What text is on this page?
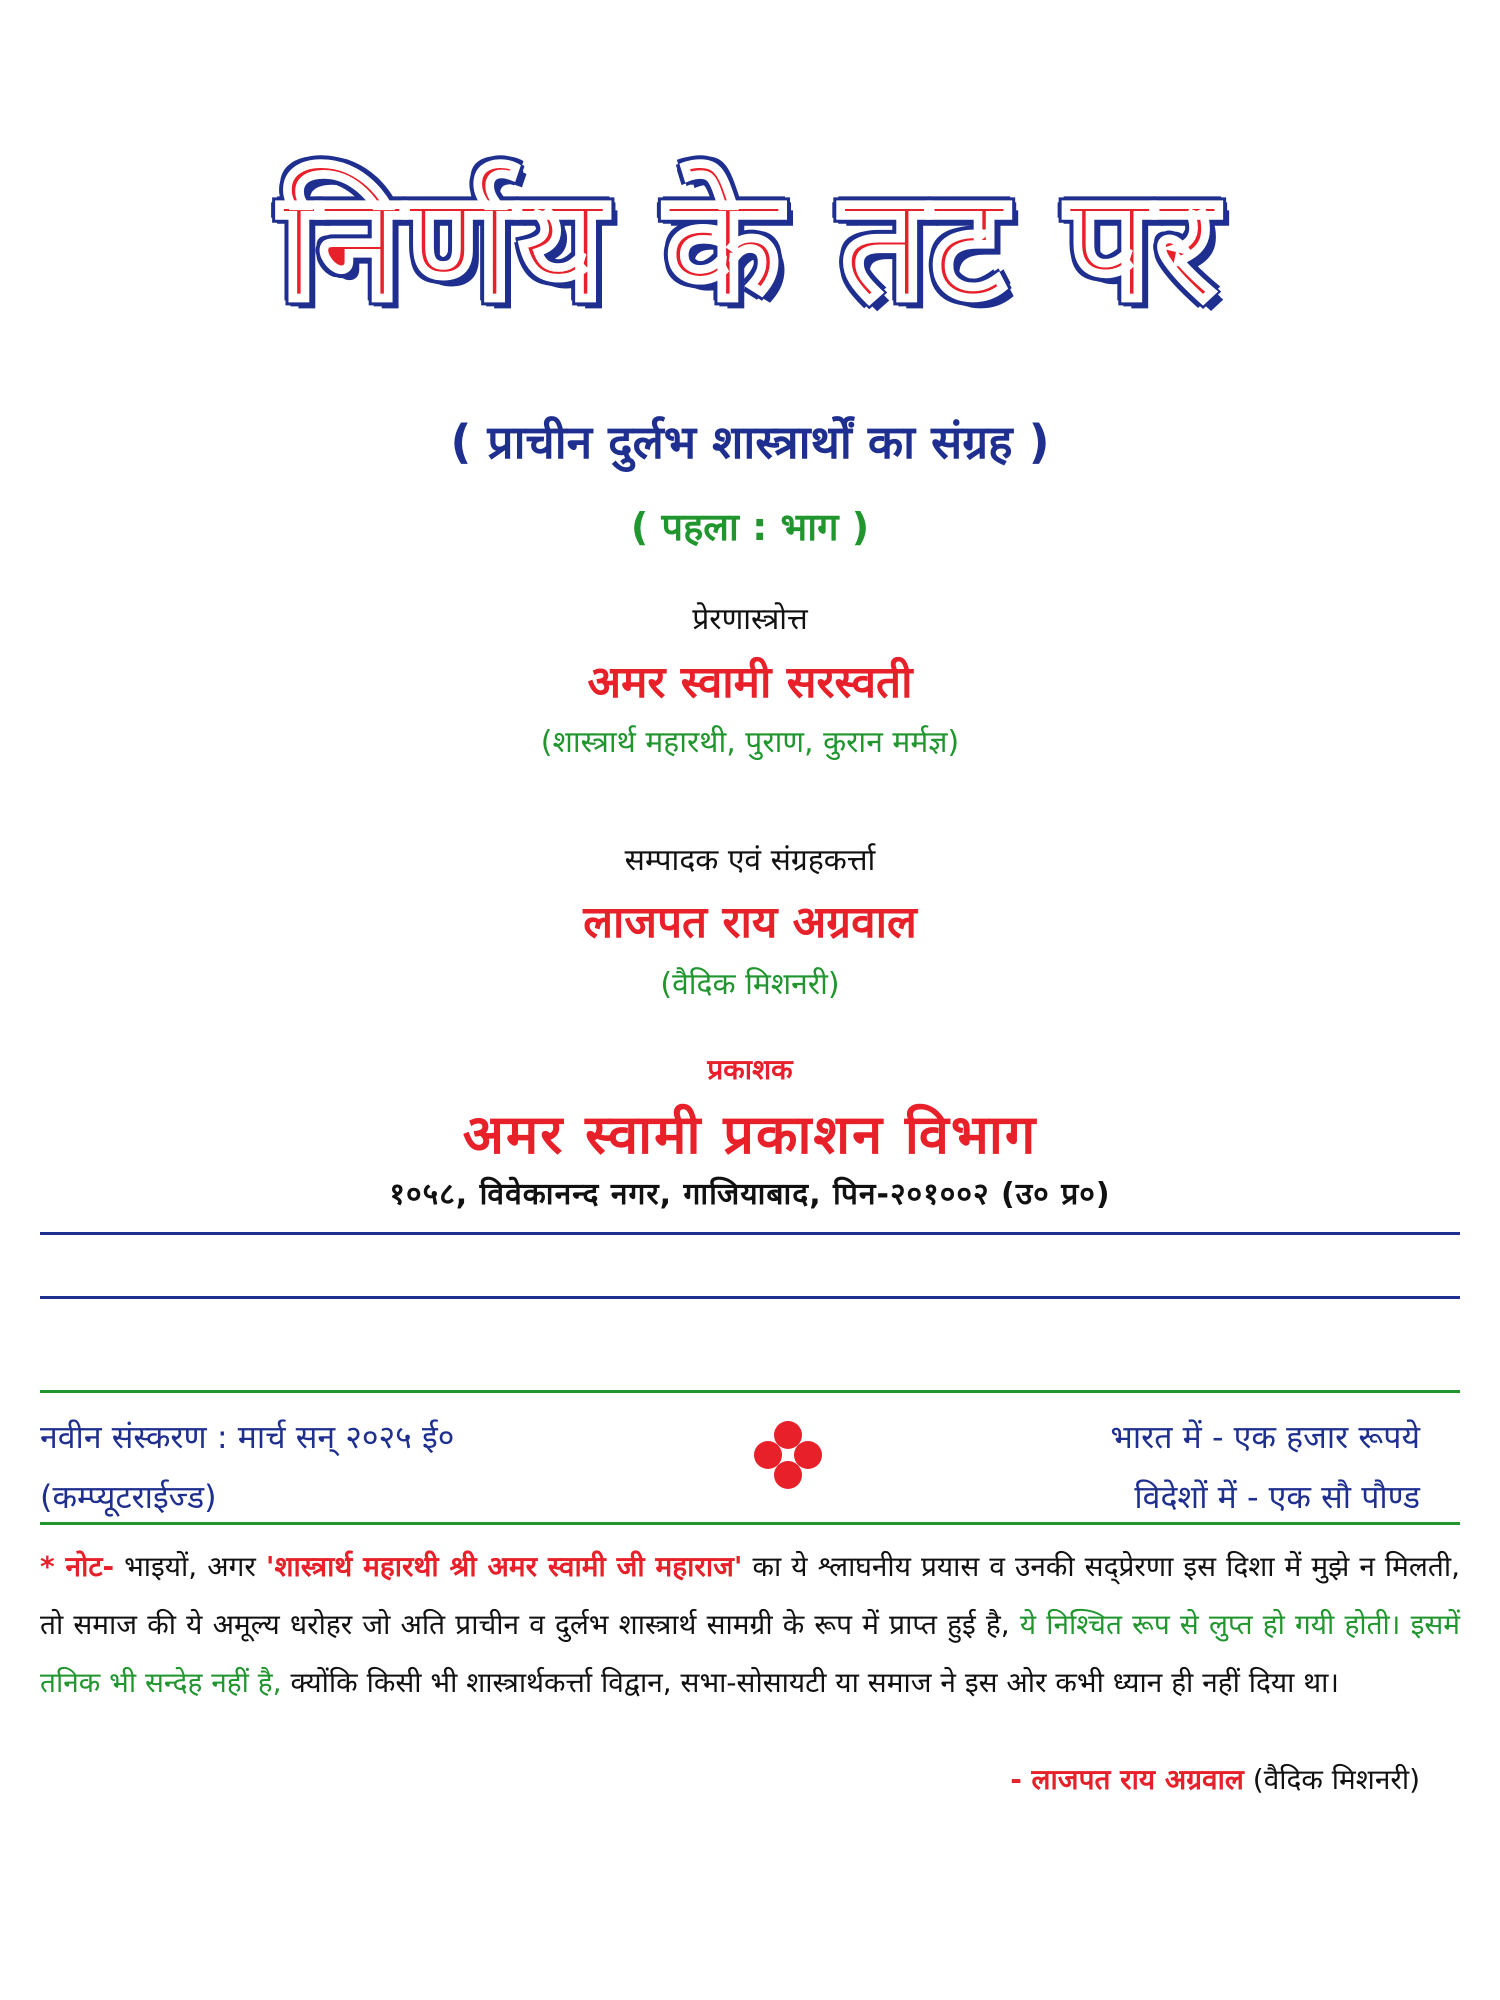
निर्णय के तट पर
( प्राचीन दुर्लभ शास्त्रार्थों का संग्रह )
( पहला : भाग )
प्रेरणास्त्रोत्त
अमर स्वामी सरस्वती
(शास्त्रार्थ महारथी, पुराण, कुरान मर्मज्ञ)
सम्पादक एवं संग्रहकर्त्ता
लाजपत राय अग्रवाल
(वैदिक मिशनरी)
प्रकाशक
अमर स्वामी प्रकाशन विभाग
१०५८, विवेकानन्द नगर, गाजियाबाद, पिन-२०१००२ (उ० प्र०)
नवीन संस्करण : मार्च सन् २०२५ ई०
(कम्प्यूटराईज्ड)
भारत में - एक हजार रूपये
विदेशों में - एक सौ पौण्ड
* नोट- भाइयों, अगर 'शास्त्रार्थ महारथी श्री अमर स्वामी जी महाराज' का ये श्लाघनीय प्रयास व उनकी सद्प्रेरणा इस दिशा में मुझे न मिलती, तो समाज की ये अमूल्य धरोहर जो अति प्राचीन व दुर्लभ शास्त्रार्थ सामग्री के रूप में प्राप्त हुई है, ये निश्चित रूप से लुप्त हो गयी होती। इसमें तनिक भी सन्देह नहीं है, क्योंकि किसी भी शास्त्रार्थकर्त्ता विद्वान, सभा-सोसायटी या समाज ने इस ओर कभी ध्यान ही नहीं दिया था।
- लाजपत राय अग्रवाल (वैदिक मिशनरी)
